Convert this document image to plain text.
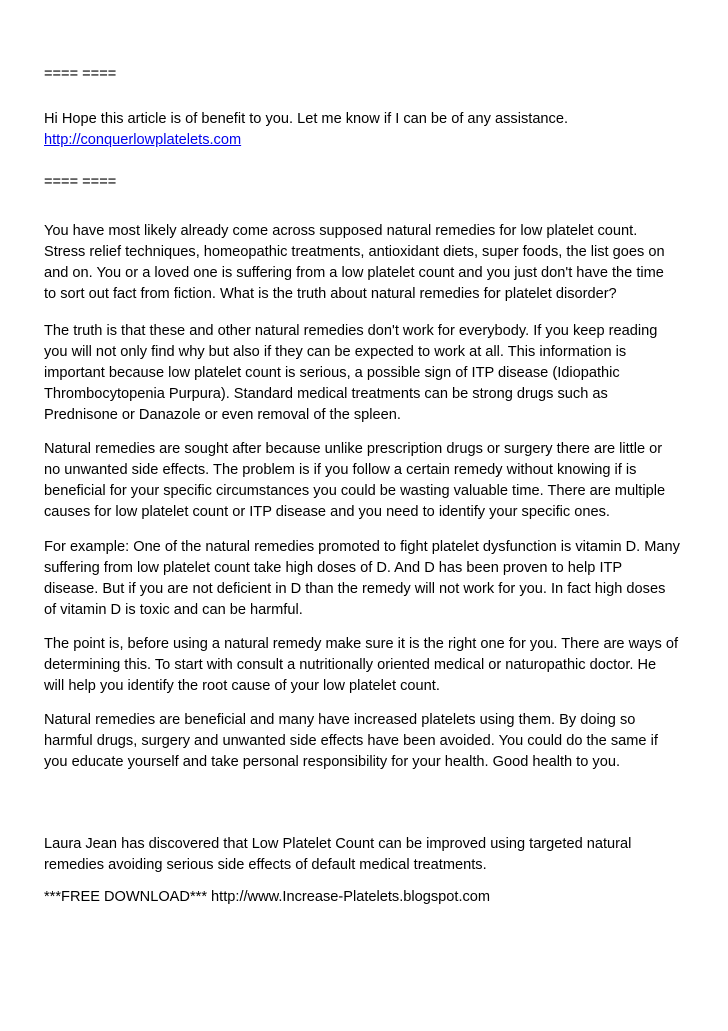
==== ====
Hi Hope this article is of benefit to you. Let me know if I can be of any assistance.
http://conquerlowplatelets.com
==== ====
You have most likely already come across supposed natural remedies for low platelet count.
Stress relief techniques, homeopathic treatments, antioxidant diets, super foods, the list goes on
and on. You or a loved one is suffering from a low platelet count and you just don't have the time
to sort out fact from fiction. What is the truth about natural remedies for platelet disorder?
The truth is that these and other natural remedies don't work for everybody. If you keep reading
you will not only find why but also if they can be expected to work at all. This information is
important because low platelet count is serious, a possible sign of ITP disease (Idiopathic
Thrombocytopenia Purpura). Standard medical treatments can be strong drugs such as
Prednisone or Danazole or even removal of the spleen.
Natural remedies are sought after because unlike prescription drugs or surgery there are little or
no unwanted side effects. The problem is if you follow a certain remedy without knowing if is
beneficial for your specific circumstances you could be wasting valuable time. There are multiple
causes for low platelet count or ITP disease and you need to identify your specific ones.
For example: One of the natural remedies promoted to fight platelet dysfunction is vitamin D. Many
suffering from low platelet count take high doses of D. And D has been proven to help ITP
disease. But if you are not deficient in D than the remedy will not work for you. In fact high doses
of vitamin D is toxic and can be harmful.
The point is, before using a natural remedy make sure it is the right one for you. There are ways of
determining this. To start with consult a nutritionally oriented medical or naturopathic doctor. He
will help you identify the root cause of your low platelet count.
Natural remedies are beneficial and many have increased platelets using them. By doing so
harmful drugs, surgery and unwanted side effects have been avoided. You could do the same if
you educate yourself and take personal responsibility for your health. Good health to you.
Laura Jean has discovered that Low Platelet Count can be improved using targeted natural
remedies avoiding serious side effects of default medical treatments.
***FREE DOWNLOAD*** http://www.Increase-Platelets.blogspot.com
